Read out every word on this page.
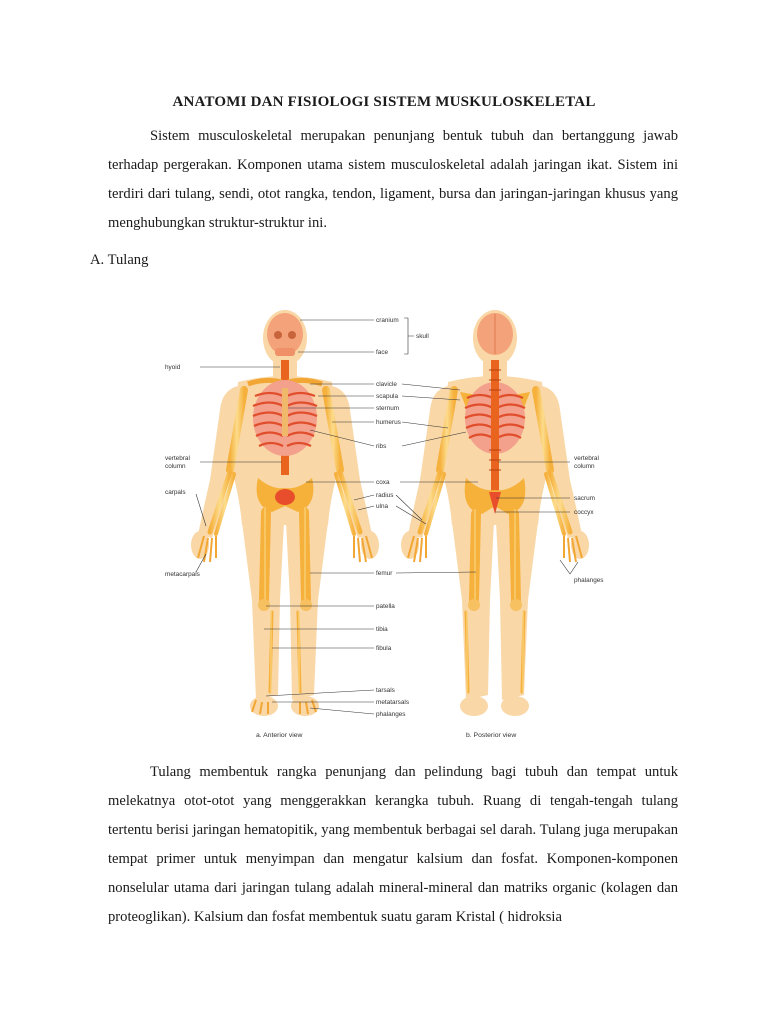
ANATOMI DAN FISIOLOGI SISTEM MUSKULOSKELETAL

Sistem musculoskeletal merupakan penunjang bentuk tubuh dan bertanggung jawab terhadap pergerakan. Komponen utama sistem musculoskeletal adalah jaringan ikat. Sistem ini terdiri dari tulang, sendi, otot rangka, tendon, ligament, bursa dan jaringan-jaringan khusus yang menghubungkan struktur-struktur ini.

A. Tulang
cranium
face
skull
hyoid
clavicle
scapula
sternum
humerus
ribs
vertebral
column
coxa
radius
ulna
carpals
metacarpals	femur
patella
tibia
fibula
tarsals
metatarsals
phalanges
vertebral
column
sacrum
coccyx
phalanges
a. Anterior view	b. Posterior view

Tulang membentuk rangka penunjang dan pelindung bagi tubuh dan tempat untuk melekatnya otot-otot yang menggerakkan kerangka tubuh. Ruang di tengah-tengah tulang tertentu berisi jaringan hematopitik, yang membentuk berbagai sel darah. Tulang juga merupakan tempat primer untuk menyimpan dan mengatur kalsium dan fosfat. Komponen-komponen nonselular utama dari jaringan tulang adalah mineral-mineral dan matriks organic (kolagen dan proteoglikan). Kalsium dan fosfat membentuk suatu garam Kristal ( hidroksia
